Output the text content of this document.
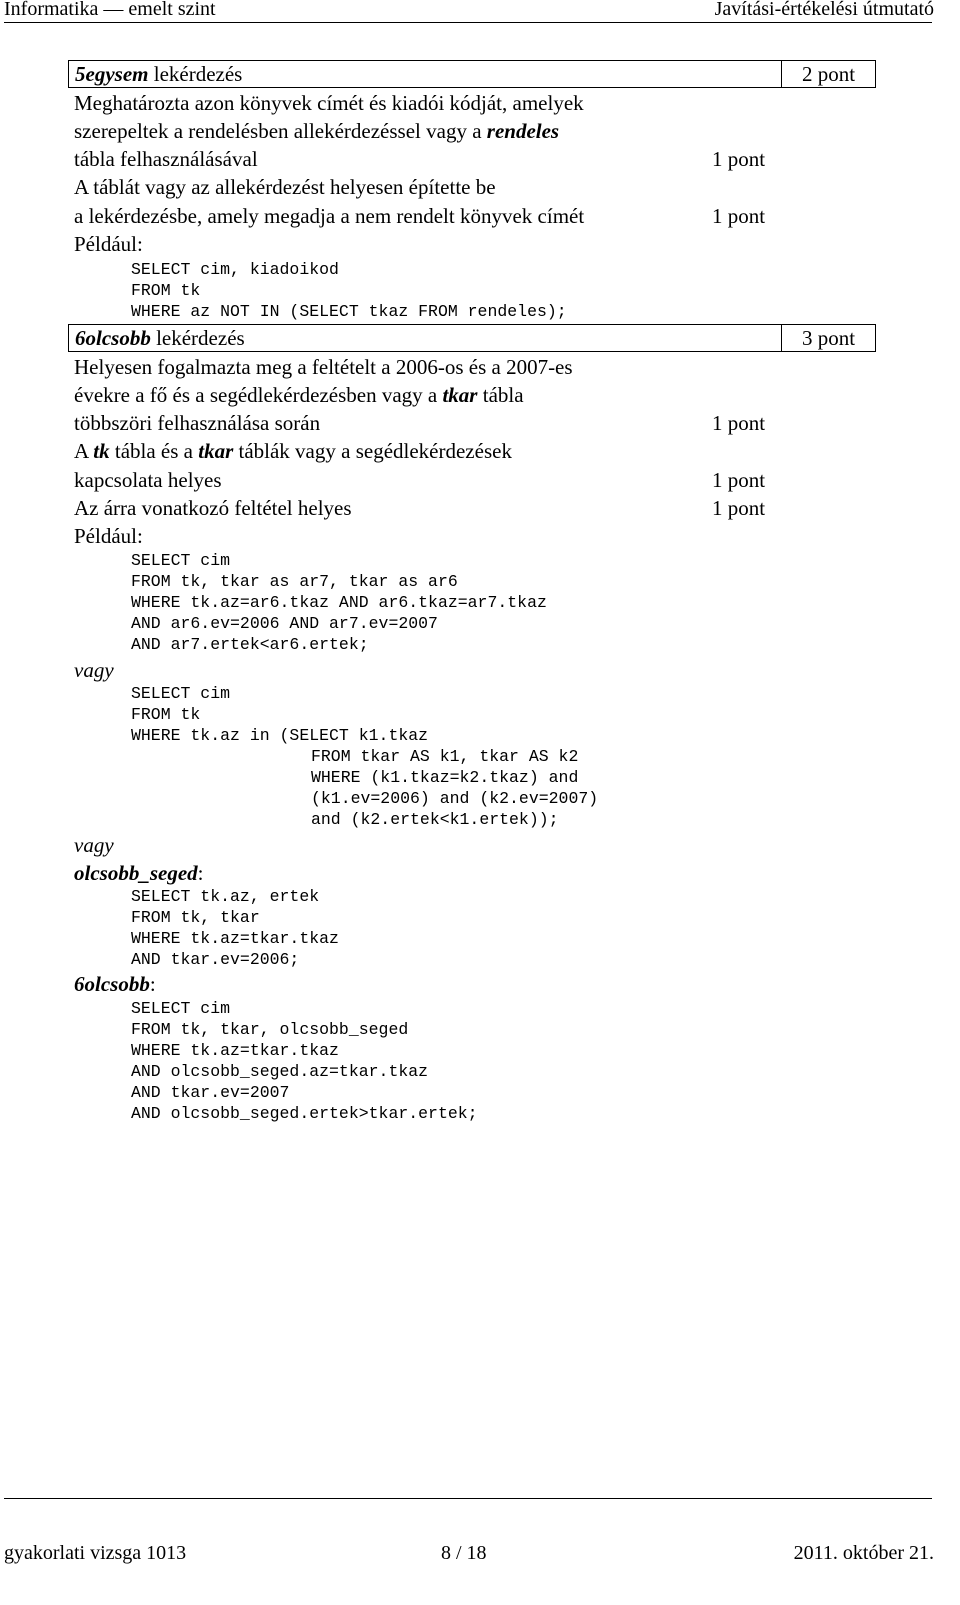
Informatika — emelt szint	Javítási-értékelési útmutató
5egysem lekérdezés	2 pont
Meghatározta azon könyvek címét és kiadói kódját, amelyek
szerepeltek a rendelésben allekérdezéssel vagy a rendeles
tábla felhasználásával	1 pont
A táblát vagy az allekérdezést helyesen építette be
a lekérdezésbe, amely megadja a nem rendelt könyvek címét	1 pont
Például:
SELECT cim, kiadoikod
FROM tk
WHERE az NOT IN (SELECT tkaz FROM rendeles);
6olcsobb lekérdezés	3 pont
Helyesen fogalmazta meg a feltételt a 2006-os és a 2007-es
évekre a fő és a segédlekérdezésben vagy a tkar tábla
többszöri felhasználása során	1 pont
A tk tábla és a tkar táblák vagy a segédlekérdezések
kapcsolata helyes	1 pont
Az árra vonatkozó feltétel helyes	1 pont
Például:
SELECT cim
FROM tk, tkar as ar7, tkar as ar6
WHERE tk.az=ar6.tkaz AND ar6.tkaz=ar7.tkaz
AND ar6.ev=2006 AND ar7.ev=2007
AND ar7.ertek<ar6.ertek;
vagy
SELECT cim
FROM tk
WHERE tk.az in (SELECT k1.tkaz
FROM tkar AS k1, tkar AS k2
WHERE (k1.tkaz=k2.tkaz) and
(k1.ev=2006) and (k2.ev=2007)
and (k2.ertek<k1.ertek));
vagy
olcsobb_seged:
SELECT tk.az, ertek
FROM tk, tkar
WHERE tk.az=tkar.tkaz
AND tkar.ev=2006;
6olcsobb:
SELECT cim
FROM tk, tkar, olcsobb_seged
WHERE tk.az=tkar.tkaz
AND olcsobb_seged.az=tkar.tkaz
AND tkar.ev=2007
AND olcsobb_seged.ertek>tkar.ertek;
gyakorlati vizsga 1013	8 / 18	2011. október 21.
